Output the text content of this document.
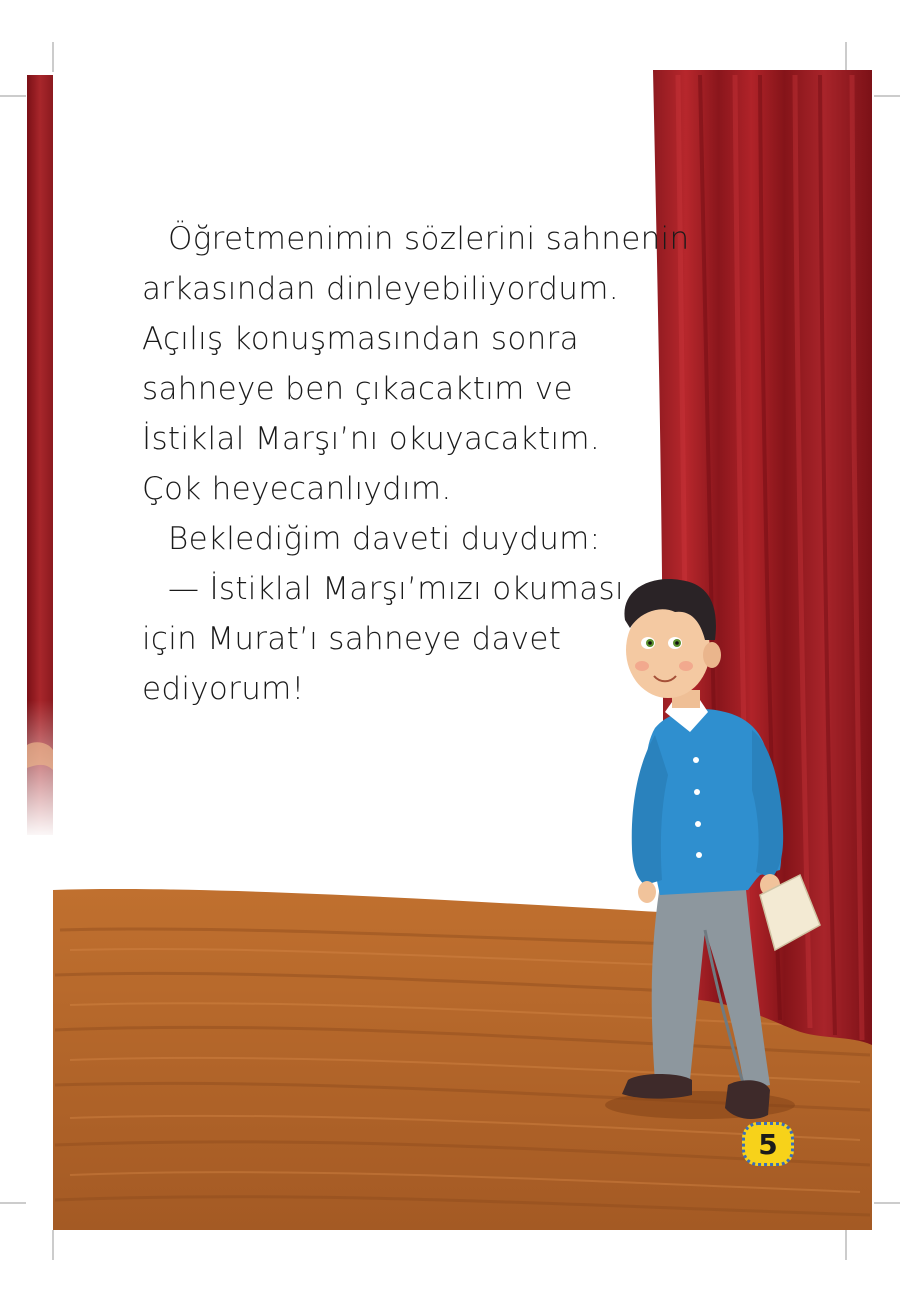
Öğretmenimin sözlerini sahnenin
arkasından dinleyebiliyordum.
Açılış konuşmasından sonra
sahneye ben çıkacaktım ve
İstiklal Marşı’nı okuyacaktım.
Çok heyecanlıydım.
Beklediğim daveti duydum:
— İstiklal Marşı’mızı okuması
için Murat’ı sahneye davet
ediyorum!
5
